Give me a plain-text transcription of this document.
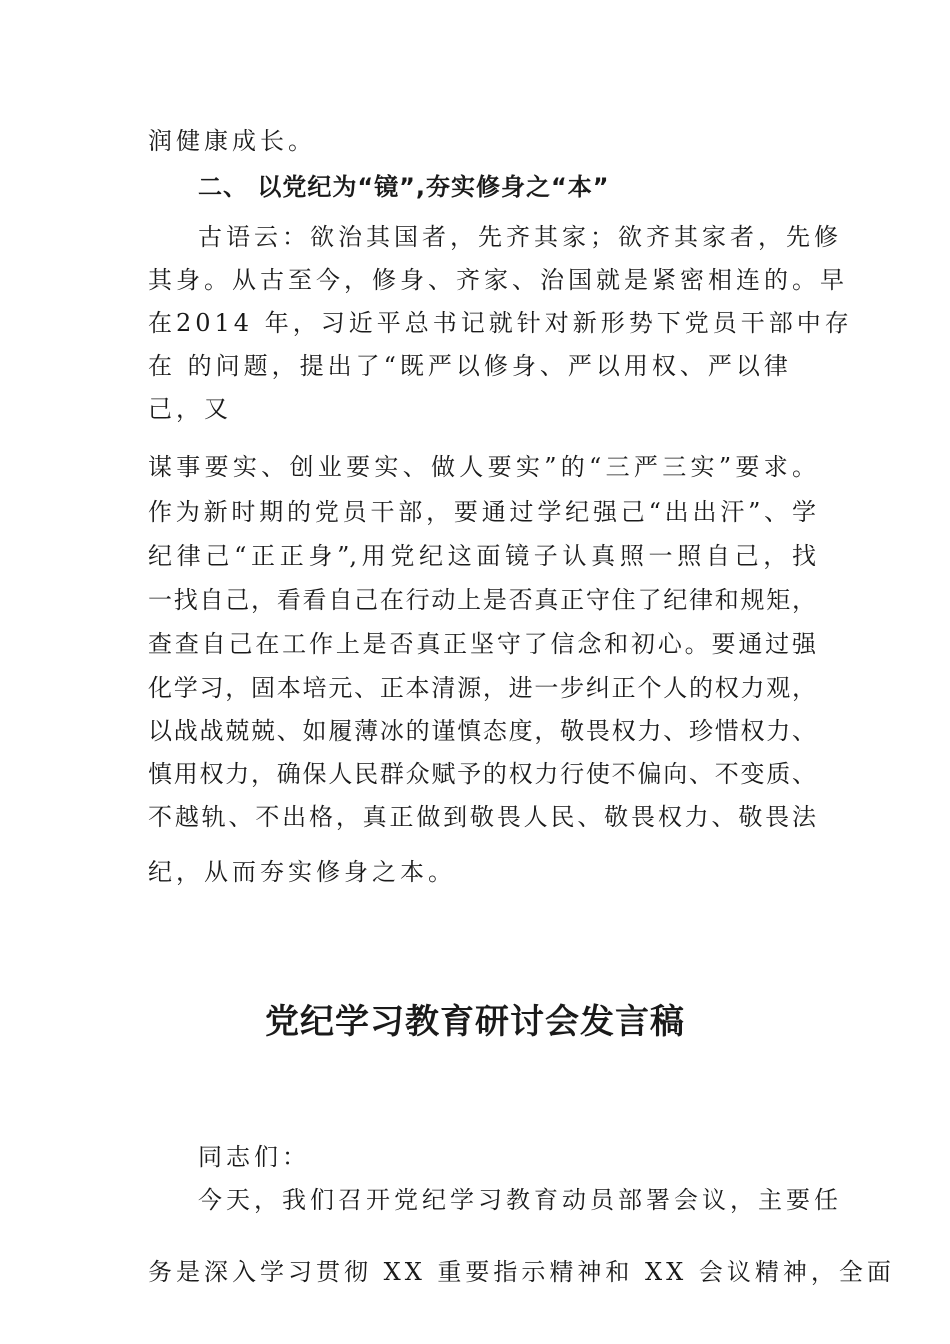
润健康成长。
二、 以党纪为“镜”,夯实修身之“本”
古语云：欲治其国者，先齐其家；欲齐其家者，先修
其身。从古至今，修身、齐家、治国就是紧密相连的。早
在2014 年，习近平总书记就针对新形势下党员干部中存
在 的问题，提出了“既严以修身、严以用权、严以律
己，又
谋事要实、创业要实、做人要实”的“三严三实”要求。
作为新时期的党员干部，要通过学纪强己“出出汗”、学
纪律己“正正身”,用党纪这面镜子认真照一照自己，找
一找自己，看看自己在行动上是否真正守住了纪律和规矩，
查查自己在工作上是否真正坚守了信念和初心。要通过强
化学习，固本培元、正本清源，进一步纠正个人的权力观，
以战战兢兢、如履薄冰的谨慎态度，敬畏权力、珍惜权力、
慎用权力，确保人民群众赋予的权力行使不偏向、不变质、
不越轨、不出格，真正做到敬畏人民、敬畏权力、敬畏法
纪，从而夯实修身之本。
党纪学习教育研讨会发言稿
同志们：
今天，我们召开党纪学习教育动员部署会议，主要任
务是深入学习贯彻 XX 重要指示精神和 XX 会议精神，全面
